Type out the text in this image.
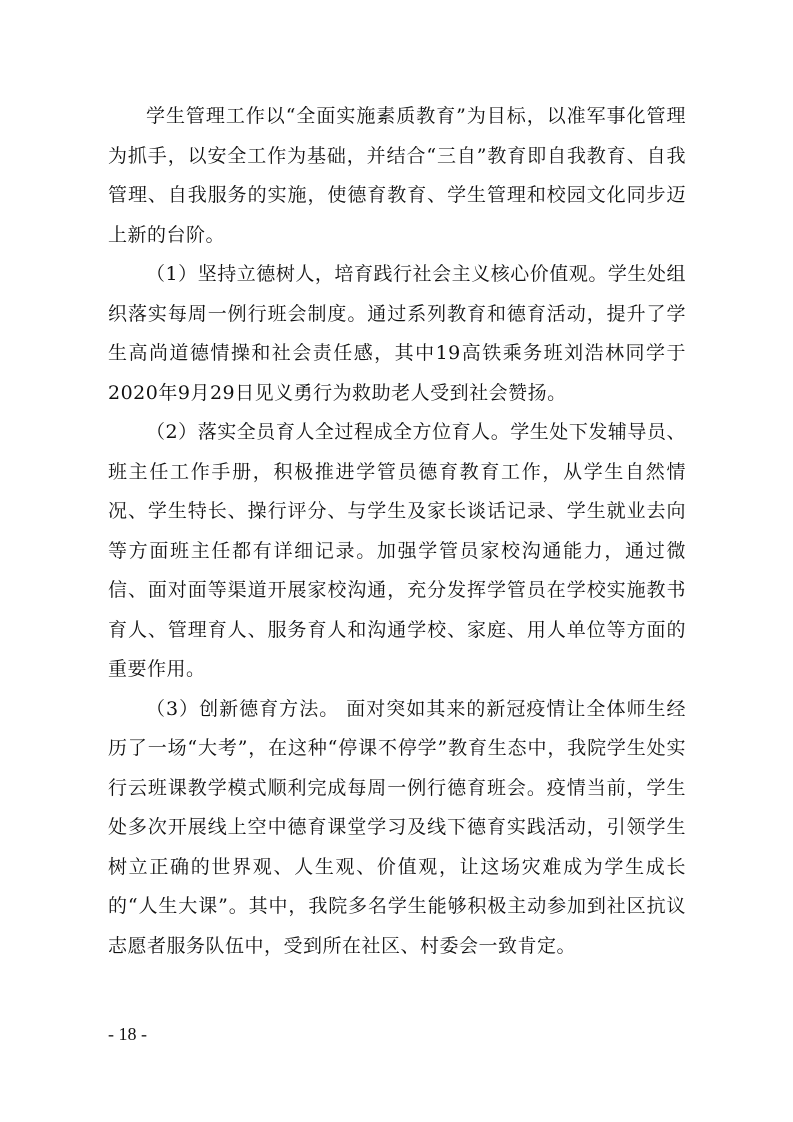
学生管理工作以“全面实施素质教育”为目标，以准军事化管理为抓手，以安全工作为基础，并结合“三自”教育即自我教育、自我管理、自我服务的实施，使德育教育、学生管理和校园文化同步迈上新的台阶。

（1）坚持立德树人，培育践行社会主义核心价值观。学生处组织落实每周一例行班会制度。通过系列教育和德育活动，提升了学生高尚道德情操和社会责任感，其中19高铁乘务班刘浩林同学于2020年9月29日见义勇行为救助老人受到社会赞扬。

（2）落实全员育人全过程成全方位育人。学生处下发辅导员、班主任工作手册，积极推进学管员德育教育工作，从学生自然情况、学生特长、操行评分、与学生及家长谈话记录、学生就业去向等方面班主任都有详细记录。加强学管员家校沟通能力，通过微信、面对面等渠道开展家校沟通，充分发挥学管员在学校实施教书育人、管理育人、服务育人和沟通学校、家庭、用人单位等方面的重要作用。

（3）创新德育方法。 面对突如其来的新冠疫情让全体师生经历了一场“大考”，在这种“停课不停学”教育生态中，我院学生处实行云班课教学模式顺利完成每周一例行德育班会。疫情当前，学生处多次开展线上空中德育课堂学习及线下德育实践活动，引领学生树立正确的世界观、人生观、价值观，让这场灾难成为学生成长的“人生大课”。其中，我院多名学生能够积极主动参加到社区抗议志愿者服务队伍中，受到所在社区、村委会一致肯定。

- 18 -
